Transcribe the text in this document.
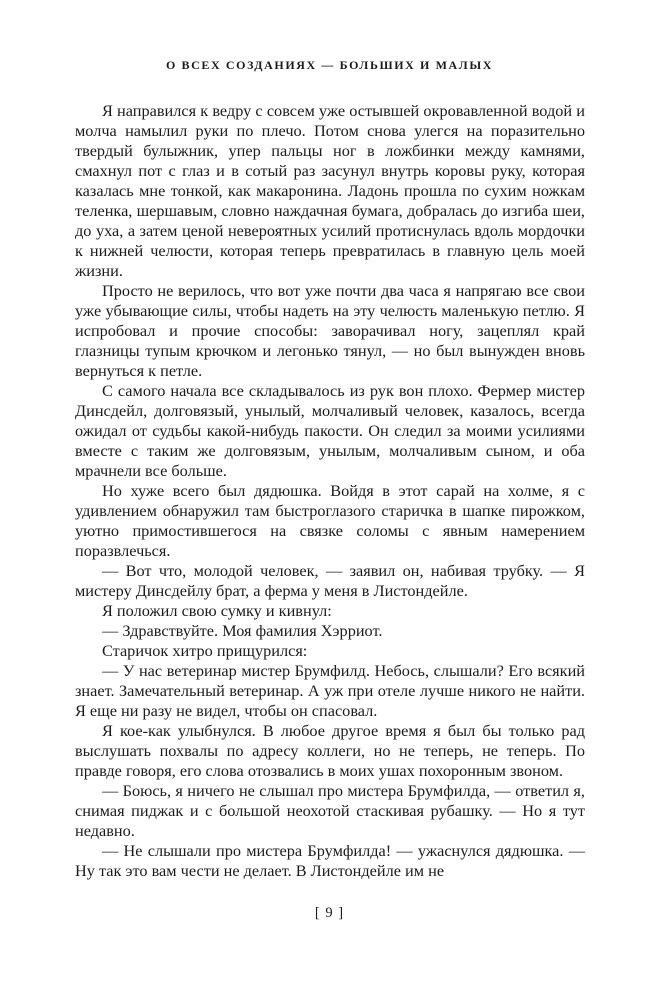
О ВСЕХ СОЗДАНИЯХ — БОЛЬШИХ И МАЛЫХ

Я направился к ведру с совсем уже остывшей окровавленной водой и молча намылил руки по плечо. Потом снова улегся на поразительно твердый булыжник, упер пальцы ног в ложбинки между камнями, смахнул пот с глаз и в сотый раз засунул внутрь коровы руку, которая казалась мне тонкой, как макаронина. Ладонь прошла по сухим ножкам теленка, шершавым, словно наждачная бумага, добралась до изгиба шеи, до уха, а затем ценой невероятных усилий протиснулась вдоль мордочки к нижней челюсти, которая теперь превратилась в главную цель моей жизни.

Просто не верилось, что вот уже почти два часа я напрягаю все свои уже убывающие силы, чтобы надеть на эту челюсть маленькую петлю. Я испробовал и прочие способы: заворачивал ногу, зацеплял край глазницы тупым крючком и легонько тянул, — но был вынужден вновь вернуться к петле.

С самого начала все складывалось из рук вон плохо. Фермер мистер Динсдейл, долговязый, унылый, молчаливый человек, казалось, всегда ожидал от судьбы какой-нибудь пакости. Он следил за моими усилиями вместе с таким же долговязым, унылым, молчаливым сыном, и оба мрачнели все больше.

Но хуже всего был дядюшка. Войдя в этот сарай на холме, я с удивлением обнаружил там быстроглазого старичка в шапке пирожком, уютно примостившегося на связке соломы с явным намерением поразвлечься.

— Вот что, молодой человек, — заявил он, набивая трубку. — Я мистеру Динсдейлу брат, а ферма у меня в Листондейле.

Я положил свою сумку и кивнул:

— Здравствуйте. Моя фамилия Хэрриот.

Старичок хитро прищурился:

— У нас ветеринар мистер Брумфилд. Небось, слышали? Его всякий знает. Замечательный ветеринар. А уж при отеле лучше никого не найти. Я еще ни разу не видел, чтобы он спасовал.

Я кое-как улыбнулся. В любое другое время я был бы только рад выслушать похвалы по адресу коллеги, но не теперь, не теперь. По правде говоря, его слова отозвались в моих ушах похоронным звоном.

— Боюсь, я ничего не слышал про мистера Брумфилда, — ответил я, снимая пиджак и с большой неохотой стаскивая рубашку. — Но я тут недавно.

— Не слышали про мистера Брумфилда! — ужаснулся дядюшка. — Ну так это вам чести не делает. В Листондейле им не

[ 9 ]
